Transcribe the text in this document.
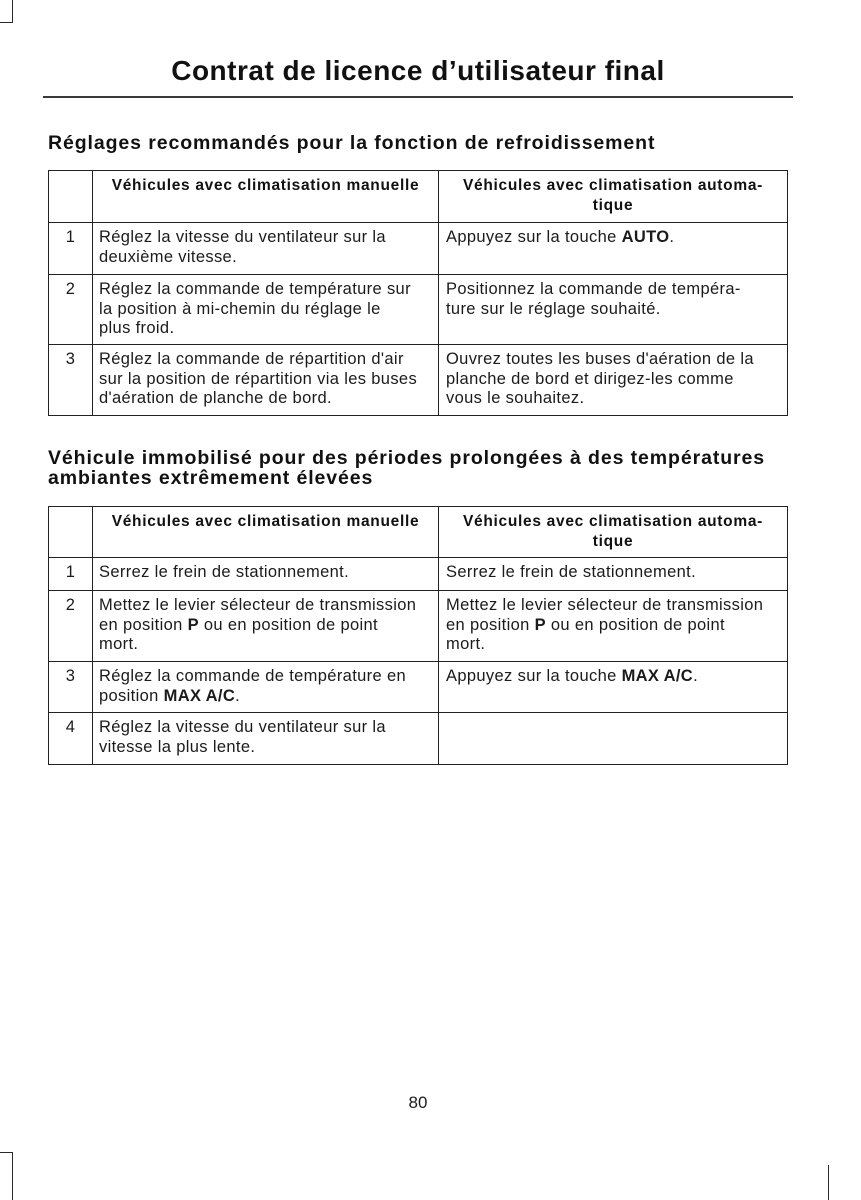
Contrat de licence d’utilisateur final
Réglages recommandés pour la fonction de refroidissement
	Véhicules avec climatisation manuelle	Véhicules avec climatisation automa-
tique
1	Réglez la vitesse du ventilateur sur la
deuxième vitesse.	Appuyez sur la touche AUTO.
2	Réglez la commande de température sur
la position à mi-chemin du réglage le
plus froid.	Positionnez la commande de tempéra-
ture sur le réglage souhaité.
3	Réglez la commande de répartition d'air
sur la position de répartition via les buses
d'aération de planche de bord.	Ouvrez toutes les buses d'aération de la
planche de bord et dirigez-les comme
vous le souhaitez.
Véhicule immobilisé pour des périodes prolongées à des températures
ambiantes extrêmement élevées
	Véhicules avec climatisation manuelle	Véhicules avec climatisation automa-
tique
1	Serrez le frein de stationnement.	Serrez le frein de stationnement.
2	Mettez le levier sélecteur de transmission
en position P ou en position de point
mort.	Mettez le levier sélecteur de transmission
en position P ou en position de point
mort.
3	Réglez la commande de température en
position MAX A/C.	Appuyez sur la touche MAX A/C.
4	Réglez la vitesse du ventilateur sur la
vitesse la plus lente.	
80
